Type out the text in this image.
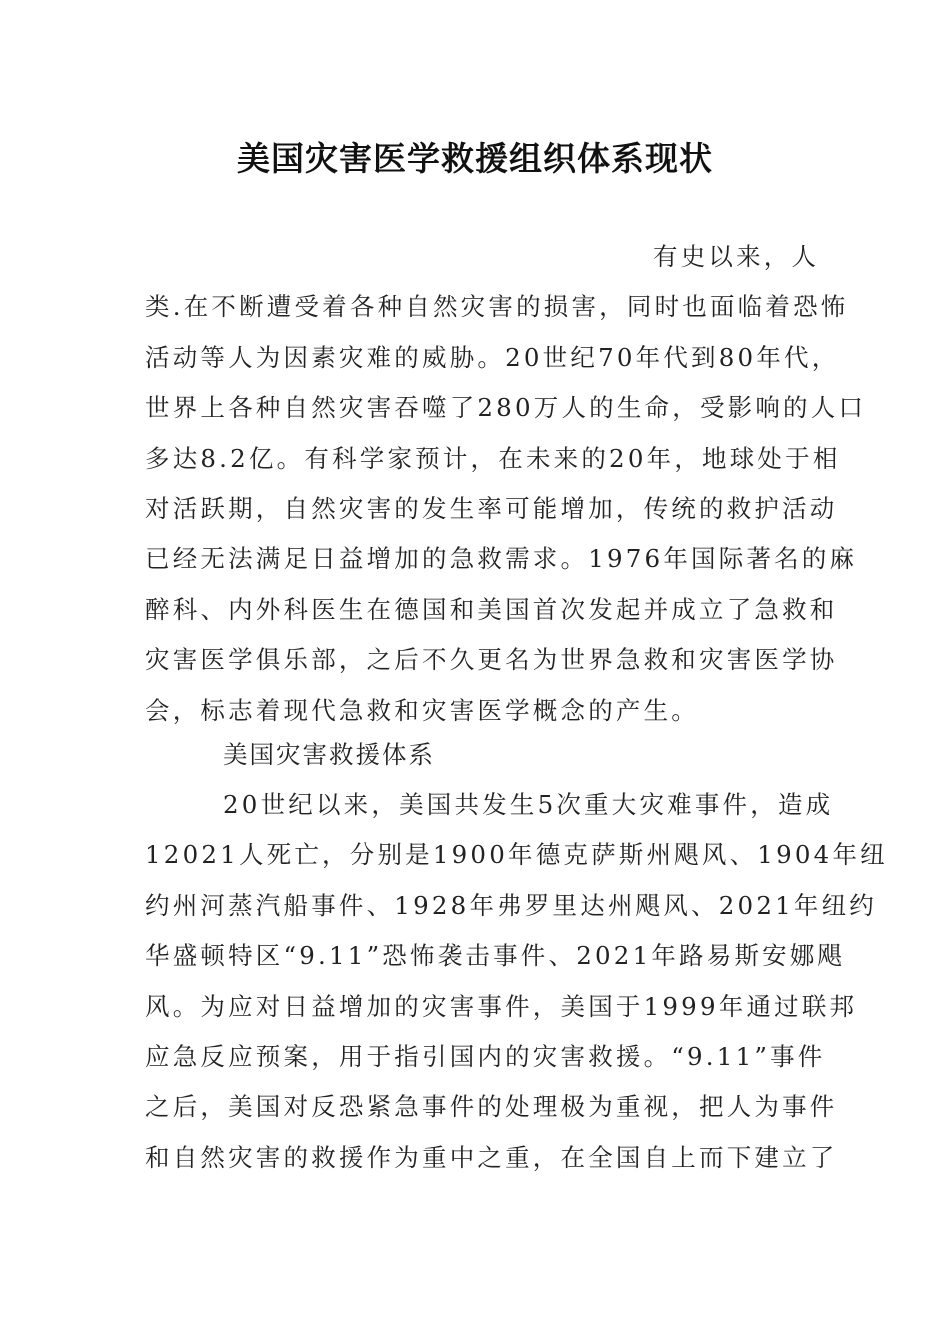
美国灾害医学救援组织体系现状
有史以来，人
类.在不断遭受着各种自然灾害的损害，同时也面临着恐怖
活动等人为因素灾难的威胁。20世纪70年代到80年代，
世界上各种自然灾害吞噬了280万人的生命，受影响的人口
多达8.2亿。有科学家预计，在未来的20年，地球处于相
对活跃期，自然灾害的发生率可能增加，传统的救护活动
已经无法满足日益增加的急救需求。1976年国际著名的麻
醉科、内外科医生在德国和美国首次发起并成立了急救和
灾害医学俱乐部，之后不久更名为世界急救和灾害医学协
会，标志着现代急救和灾害医学概念的产生。
美国灾害救援体系
20世纪以来，美国共发生5次重大灾难事件，造成
12021人死亡，分别是1900年德克萨斯州飓风、1904年纽
约州河蒸汽船事件、1928年弗罗里达州飓风、2021年纽约
华盛顿特区“9.11”恐怖袭击事件、2021年路易斯安娜飓
风。为应对日益增加的灾害事件，美国于1999年通过联邦
应急反应预案，用于指引国内的灾害救援。“9.11”事件
之后，美国对反恐紧急事件的处理极为重视，把人为事件
和自然灾害的救援作为重中之重，在全国自上而下建立了
